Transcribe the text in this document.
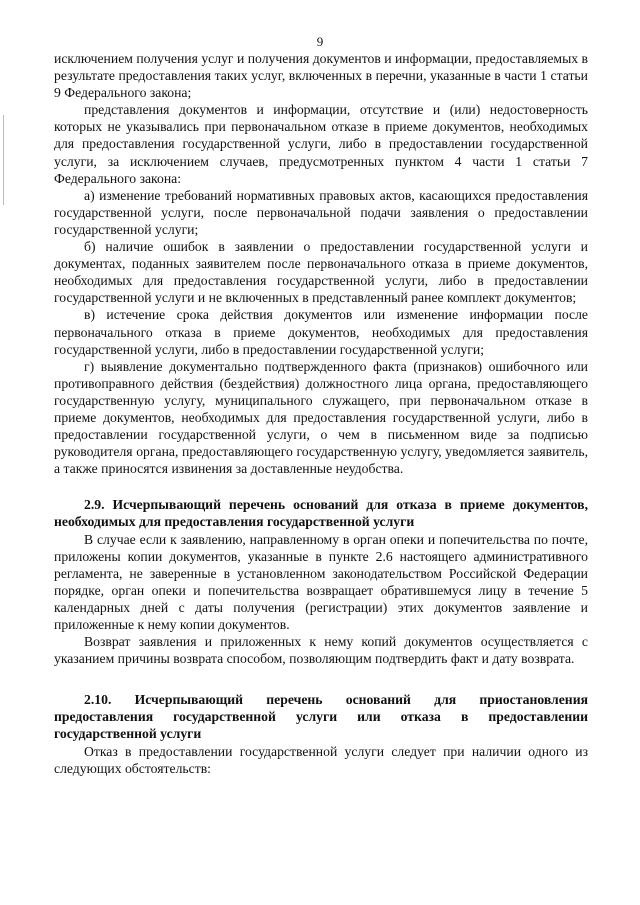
9

исключением получения услуг и получения документов и информации, предоставляемых в результате предоставления таких услуг, включенных в перечни, указанные в части 1 статьи 9 Федерального закона;

представления документов и информации, отсутствие и (или) недостоверность которых не указывались при первоначальном отказе в приеме документов, необходимых для предоставления государственной услуги, либо в предоставлении государственной услуги, за исключением случаев, предусмотренных пунктом 4 части 1 статьи 7 Федерального закона:

а) изменение требований нормативных правовых актов, касающихся предоставления государственной услуги, после первоначальной подачи заявления о предоставлении государственной услуги;

б) наличие ошибок в заявлении о предоставлении государственной услуги и документах, поданных заявителем после первоначального отказа в приеме документов, необходимых для предоставления государственной услуги, либо в предоставлении государственной услуги и не включенных в представленный ранее комплект документов;

в) истечение срока действия документов или изменение информации после первоначального отказа в приеме документов, необходимых для предоставления государственной услуги, либо в предоставлении государственной услуги;

г) выявление документально подтвержденного факта (признаков) ошибочного или противоправного действия (бездействия) должностного лица органа, предоставляющего государственную услугу, муниципального служащего, при первоначальном отказе в приеме документов, необходимых для предоставления государственной услуги, либо в предоставлении государственной услуги, о чем в письменном виде за подписью руководителя органа, предоставляющего государственную услугу, уведомляется заявитель, а также приносятся извинения за доставленные неудобства.

2.9. Исчерпывающий перечень оснований для отказа в приеме документов, необходимых для предоставления государственной услуги

В случае если к заявлению, направленному в орган опеки и попечительства по почте, приложены копии документов, указанные в пункте 2.6 настоящего административного регламента, не заверенные в установленном законодательством Российской Федерации порядке, орган опеки и попечительства возвращает обратившемуся лицу в течение 5 календарных дней с даты получения (регистрации) этих документов заявление и приложенные к нему копии документов.

Возврат заявления и приложенных к нему копий документов осуществляется с указанием причины возврата способом, позволяющим подтвердить факт и дату возврата.

2.10. Исчерпывающий перечень оснований для приостановления предоставления государственной услуги или отказа в предоставлении государственной услуги

Отказ в предоставлении государственной услуги следует при наличии одного из следующих обстоятельств:
